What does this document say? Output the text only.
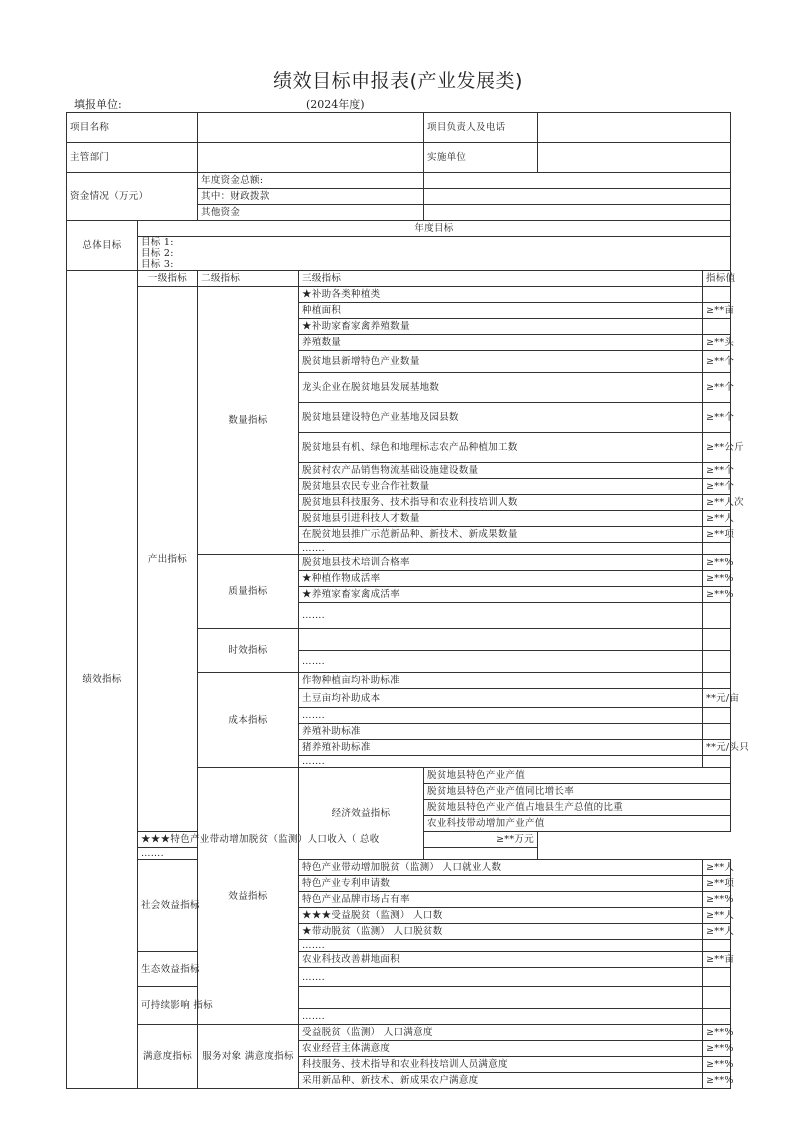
绩效目标申报表(产业发展类)
填报单位:	(2024年度)
项目名称				项目负责人及电话			
主管部门				实施单位			
资金情况（万元）		年度资金总额:					
		其中：财政拨款					
		其他资金					
总体目标	年度目标						
	目标 1:						
	目标 2:						
	目标 3:						
绩效指标	一级指标	二级指标	三级指标			指标值	
	产出指标	数量指标	★补助各类种植类				
			种植面积			≥**亩	
			★补助家畜家禽养殖数量				
			养殖数量			≥**头	
			脱贫地县新增特色产业数量			≥**个	
			龙头企业在脱贫地县发展基地数			≥**个	
			脱贫地县建设特色产业基地及园县数			≥**个	
			脱贫地县有机、绿色和地理标志农产品种植加工数			≥**公斤	
			脱贫村农产品销售物流基础设施建设数量			≥**个	
			脱贫地县农民专业合作社数量			≥**个	
			脱贫地县科技服务、技术指导和农业科技培训人数			≥**人次	
			脱贫地县引进科技人才数量			≥**人	
			在脱贫地县推广示范新品种、新技术、新成果数量			≥**项	
			…….				
		质量指标	脱贫地县技术培训合格率			≥**%	
			★种植作物成活率			≥**%	
			★养殖家畜家禽成活率			≥**%	
			…….				
		时效指标					
			…….				
		成本指标	作物种植亩均补助标准				
			土豆亩均补助成本			**元/亩	
			…….				
			养殖补助标准				
			猪养殖补助标准			**元/头只	
			…….				
		效益指标	经济效益指标	脱贫地县特色产业产值	
				脱贫地县特色产业产值同比增长率	
				脱贫地县特色产业产值占地县生产总值的比重	
				农业科技带动增加产业产值	
	★★★特色产业带动增加脱贫（监测）人口收入（ 总收			≥**万元			
	…….						
	社会效益指标		特色产业带动增加脱贫（监测） 人口就业人数			≥**人	
			特色产业专利申请数			≥**项	
			特色产业品牌市场占有率			≥**%	
			★★★受益脱贫（监测） 人口数			≥**人	
			★带动脱贫（监测） 人口脱贫数			≥**人	
			…….				
	生态效益指标		农业科技改善耕地面积			≥**亩	
			…….				
	可持续影响 指标						
			…….				
	满意度指标	服务对象 满意度指标	受益脱贫（监测） 人口满意度			≥**%	
			农业经营主体满意度			≥**%	
			科技服务、技术指导和农业科技培训人员满意度			≥**%	
			采用新品种、新技术、新成果农户满意度			≥**%	
